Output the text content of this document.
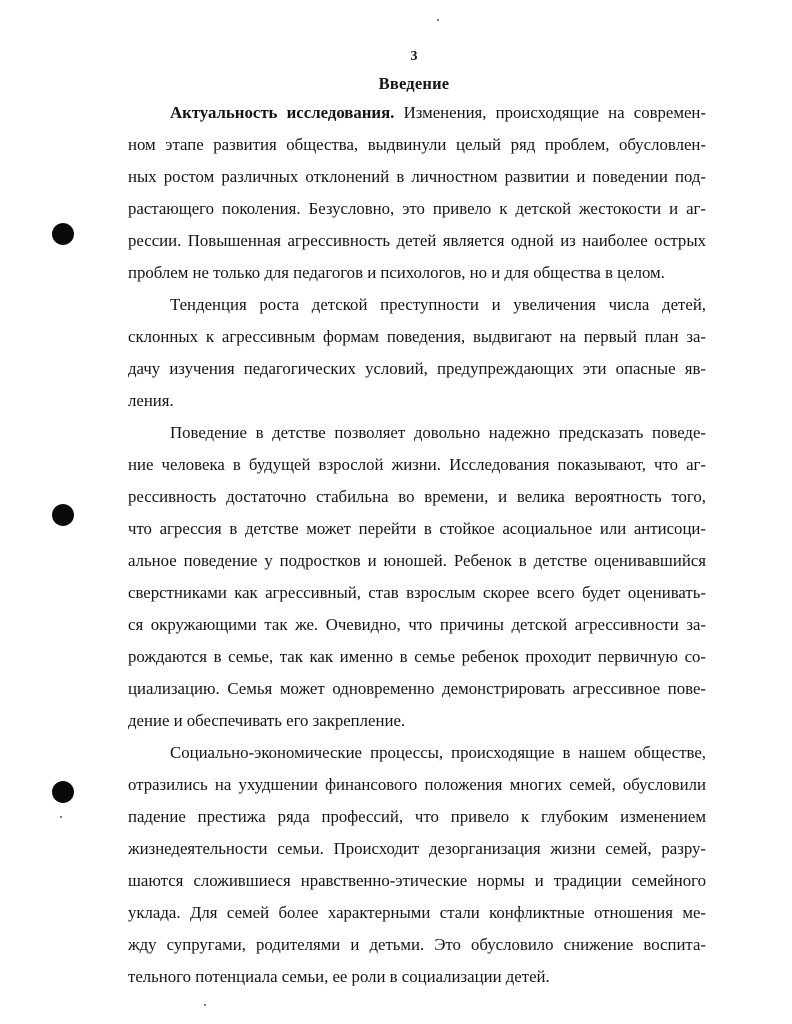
3
Введение
Актуальность исследования. Изменения, происходящие на современ-
ном этапе развития общества, выдвинули целый ряд проблем, обусловлен-
ных ростом различных отклонений в личностном развитии и поведении под-
растающего поколения. Безусловно, это привело к детской жестокости и аг-
рессии. Повышенная агрессивность детей является одной из наиболее острых
проблем не только для педагогов и психологов, но и для общества в целом.
Тенденция роста детской преступности и увеличения числа детей,
склонных к агрессивным формам поведения, выдвигают на первый план за-
дачу изучения педагогических условий, предупреждающих эти опасные яв-
ления.
Поведение в детстве позволяет довольно надежно предсказать поведе-
ние человека в будущей взрослой жизни. Исследования показывают, что аг-
рессивность достаточно стабильна во времени, и велика вероятность того,
что агрессия в детстве может перейти в стойкое асоциальное или антисоци-
альное поведение у подростков и юношей. Ребенок в детстве оценивавшийся
сверстниками как агрессивный, став взрослым скорее всего будет оценивать-
ся окружающими так же. Очевидно, что причины детской агрессивности за-
рождаются в семье, так как именно в семье ребенок проходит первичную со-
циализацию. Семья может одновременно демонстрировать агрессивное пове-
дение и обеспечивать его закрепление.
Социально-экономические процессы, происходящие в нашем обществе,
отразились на ухудшении финансового положения многих семей, обусловили
падение престижа ряда профессий, что привело к глубоким изменением
жизнедеятельности семьи. Происходит дезорганизация жизни семей, разру-
шаются сложившиеся нравственно-этические нормы и традиции семейного
уклада. Для семей более характерными стали конфликтные отношения ме-
жду супругами, родителями и детьми. Это обусловило снижение воспита-
тельного потенциала семьи, ее роли в социализации детей.
